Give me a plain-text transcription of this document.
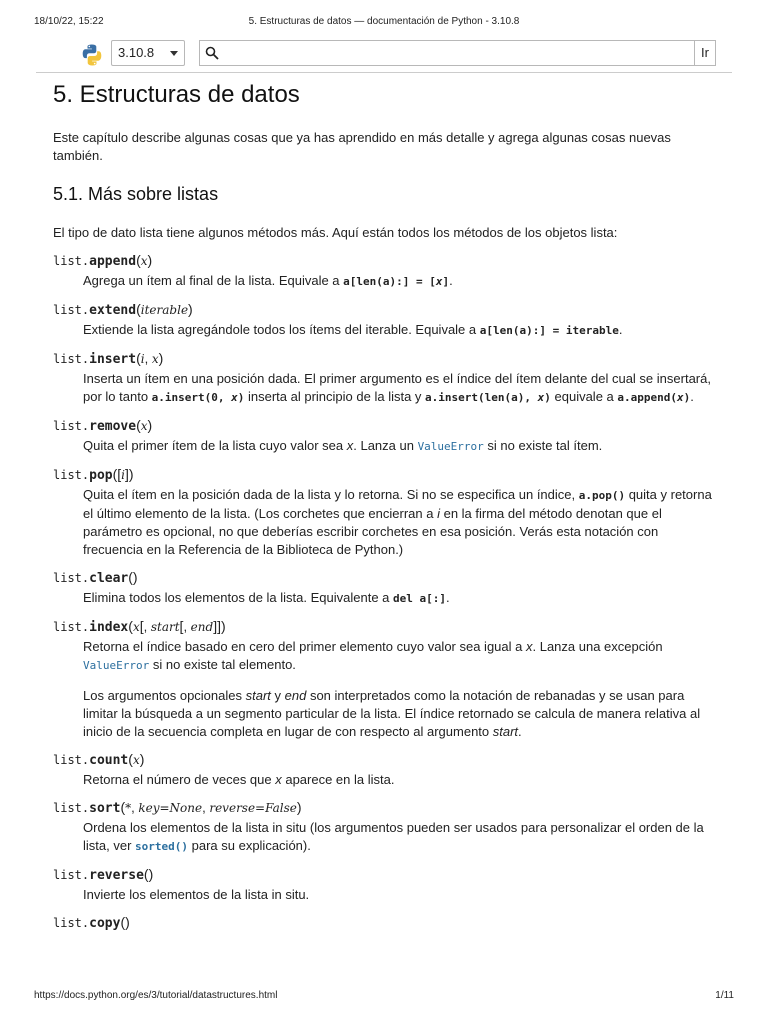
18/10/22, 15:22	5. Estructuras de datos — documentación de Python - 3.10.8
3.10.8	Ir
5. Estructuras de datos

Este capítulo describe algunas cosas que ya has aprendido en más detalle y agrega algunas cosas nuevas también.

5.1. Más sobre listas

El tipo de dato lista tiene algunos métodos más. Aquí están todos los métodos de los objetos lista:

list.append(x)
Agrega un ítem al final de la lista. Equivale a a[len(a):] = [x].
list.extend(iterable)
Extiende la lista agregándole todos los ítems del iterable. Equivale a a[len(a):] = iterable.
list.insert(i, x)
Inserta un ítem en una posición dada. El primer argumento es el índice del ítem delante del cual se insertará, por lo tanto a.insert(0, x) inserta al principio de la lista y a.insert(len(a), x) equivale a a.append(x).
list.remove(x)
Quita el primer ítem de la lista cuyo valor sea x. Lanza un ValueError si no existe tal ítem.
list.pop([i])
Quita el ítem en la posición dada de la lista y lo retorna. Si no se especifica un índice, a.pop() quita y retorna el último elemento de la lista. (Los corchetes que encierran a i en la firma del método denotan que el parámetro es opcional, no que deberías escribir corchetes en esa posición. Verás esta notación con frecuencia en la Referencia de la Biblioteca de Python.)
list.clear()
Elimina todos los elementos de la lista. Equivalente a del a[:].
list.index(x[, start[, end]])

Retorna el índice basado en cero del primer elemento cuyo valor sea igual a x. Lanza una excepción ValueError si no existe tal elemento.

Los argumentos opcionales start y end son interpretados como la notación de rebanadas y se usan para limitar la búsqueda a un segmento particular de la lista. El índice retornado se calcula de manera relativa al inicio de la secuencia completa en lugar de con respecto al argumento start.

list.count(x)
Retorna el número de veces que x aparece en la lista.
list.sort(*, key=None, reverse=False)
Ordena los elementos de la lista in situ (los argumentos pueden ser usados para personalizar el orden de la lista, ver sorted() para su explicación).
list.reverse()
Invierte los elementos de la lista in situ.
list.copy()
https://docs.python.org/es/3/tutorial/datastructures.html	1/11
